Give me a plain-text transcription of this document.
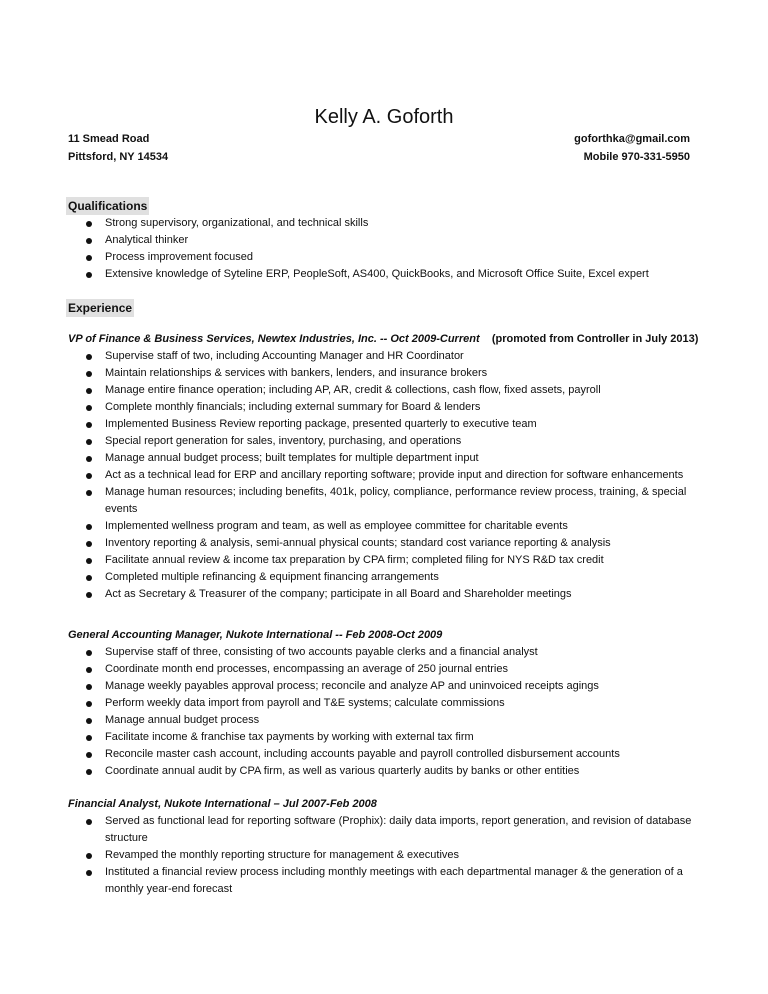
Kelly A. Goforth
11 Smead Road
Pittsford, NY 14534
goforthka@gmail.com
Mobile 970-331-5950
Qualifications
Strong supervisory, organizational, and technical skills
Analytical thinker
Process improvement focused
Extensive knowledge of Syteline ERP, PeopleSoft, AS400, QuickBooks, and Microsoft Office Suite, Excel expert
Experience
VP of Finance & Business Services, Newtex Industries, Inc. -- Oct 2009-Current (promoted from Controller in July 2013)
Supervise staff of two, including Accounting Manager and HR Coordinator
Maintain relationships & services with bankers, lenders, and insurance brokers
Manage entire finance operation; including AP, AR, credit & collections, cash flow, fixed assets, payroll
Complete monthly financials; including external summary for Board & lenders
Implemented Business Review reporting package, presented quarterly to executive team
Special report generation for sales, inventory, purchasing, and operations
Manage annual budget process; built templates for multiple department input
Act as a technical lead for ERP and ancillary reporting software; provide input and direction for software enhancements
Manage human resources; including benefits, 401k, policy, compliance, performance review process, training, & special events
Implemented wellness program and team, as well as employee committee for charitable events
Inventory reporting & analysis, semi-annual physical counts; standard cost variance reporting & analysis
Facilitate annual review & income tax preparation by CPA firm; completed filing for NYS R&D tax credit
Completed multiple refinancing & equipment financing arrangements
Act as Secretary & Treasurer of the company; participate in all Board and Shareholder meetings
General Accounting Manager, Nukote International -- Feb 2008-Oct 2009
Supervise staff of three, consisting of two accounts payable clerks and a financial analyst
Coordinate month end processes, encompassing an average of 250 journal entries
Manage weekly payables approval process; reconcile and analyze AP and uninvoiced receipts agings
Perform weekly data import from payroll and T&E systems; calculate commissions
Manage annual budget process
Facilitate income & franchise tax payments by working with external tax firm
Reconcile master cash account, including accounts payable and payroll controlled disbursement accounts
Coordinate annual audit by CPA firm, as well as various quarterly audits by banks or other entities
Financial Analyst, Nukote International – Jul 2007-Feb 2008
Served as functional lead for reporting software (Prophix): daily data imports, report generation, and revision of database structure
Revamped the monthly reporting structure for management & executives
Instituted a financial review process including monthly meetings with each departmental manager & the generation of a monthly year-end forecast
